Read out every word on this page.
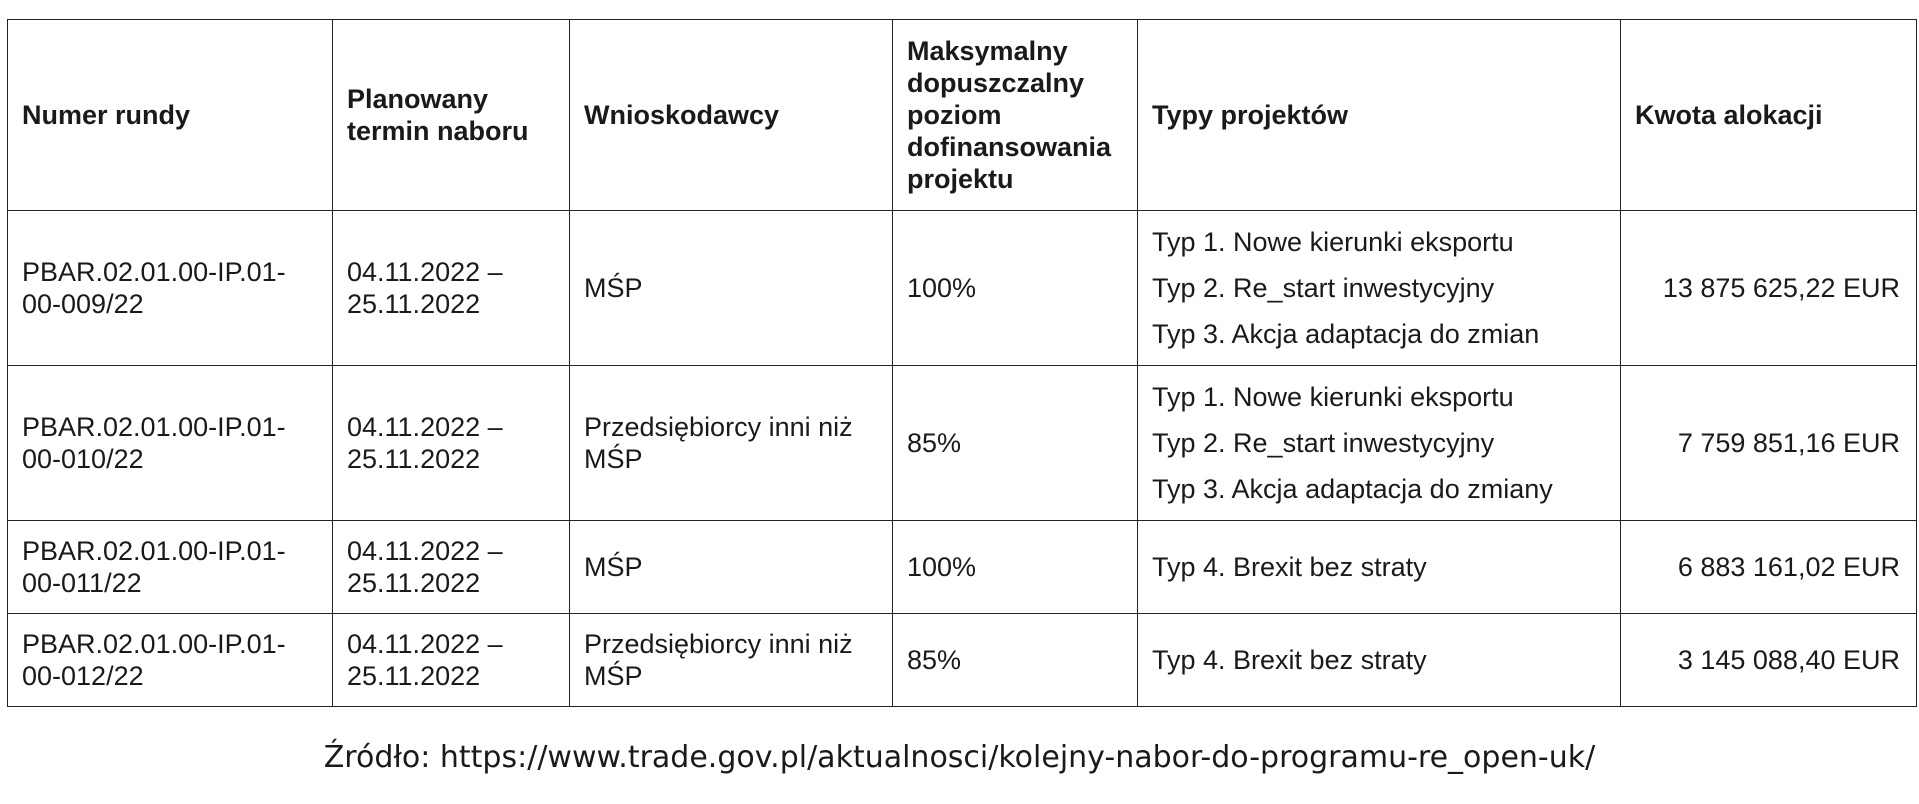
Numer rundy	Planowany termin naboru	Wnioskodawcy	Maksymalny dopuszczalny poziom dofinansowania projektu	Typy projektów	Kwota alokacji
PBAR.02.01.00-IP.01-00-009/22	04.11.2022 – 25.11.2022	MŚP	100%	Typ 1. Nowe kierunki eksportu
Typ 2. Re_start inwestycyjny
Typ 3. Akcja adaptacja do zmian	13 875 625,22 EUR
PBAR.02.01.00-IP.01-00-010/22	04.11.2022 – 25.11.2022	Przedsiębiorcy inni niż MŚP	85%	Typ 1. Nowe kierunki eksportu
Typ 2. Re_start inwestycyjny
Typ 3. Akcja adaptacja do zmiany	7 759 851,16 EUR
PBAR.02.01.00-IP.01-00-011/22	04.11.2022 – 25.11.2022	MŚP	100%	Typ 4. Brexit bez straty	6 883 161,02 EUR
PBAR.02.01.00-IP.01-00-012/22	04.11.2022 – 25.11.2022	Przedsiębiorcy inni niż MŚP	85%	Typ 4. Brexit bez straty	3 145 088,40 EUR
Źródło: https://www.trade.gov.pl/aktualnosci/kolejny-nabor-do-programu-re_open-uk/
